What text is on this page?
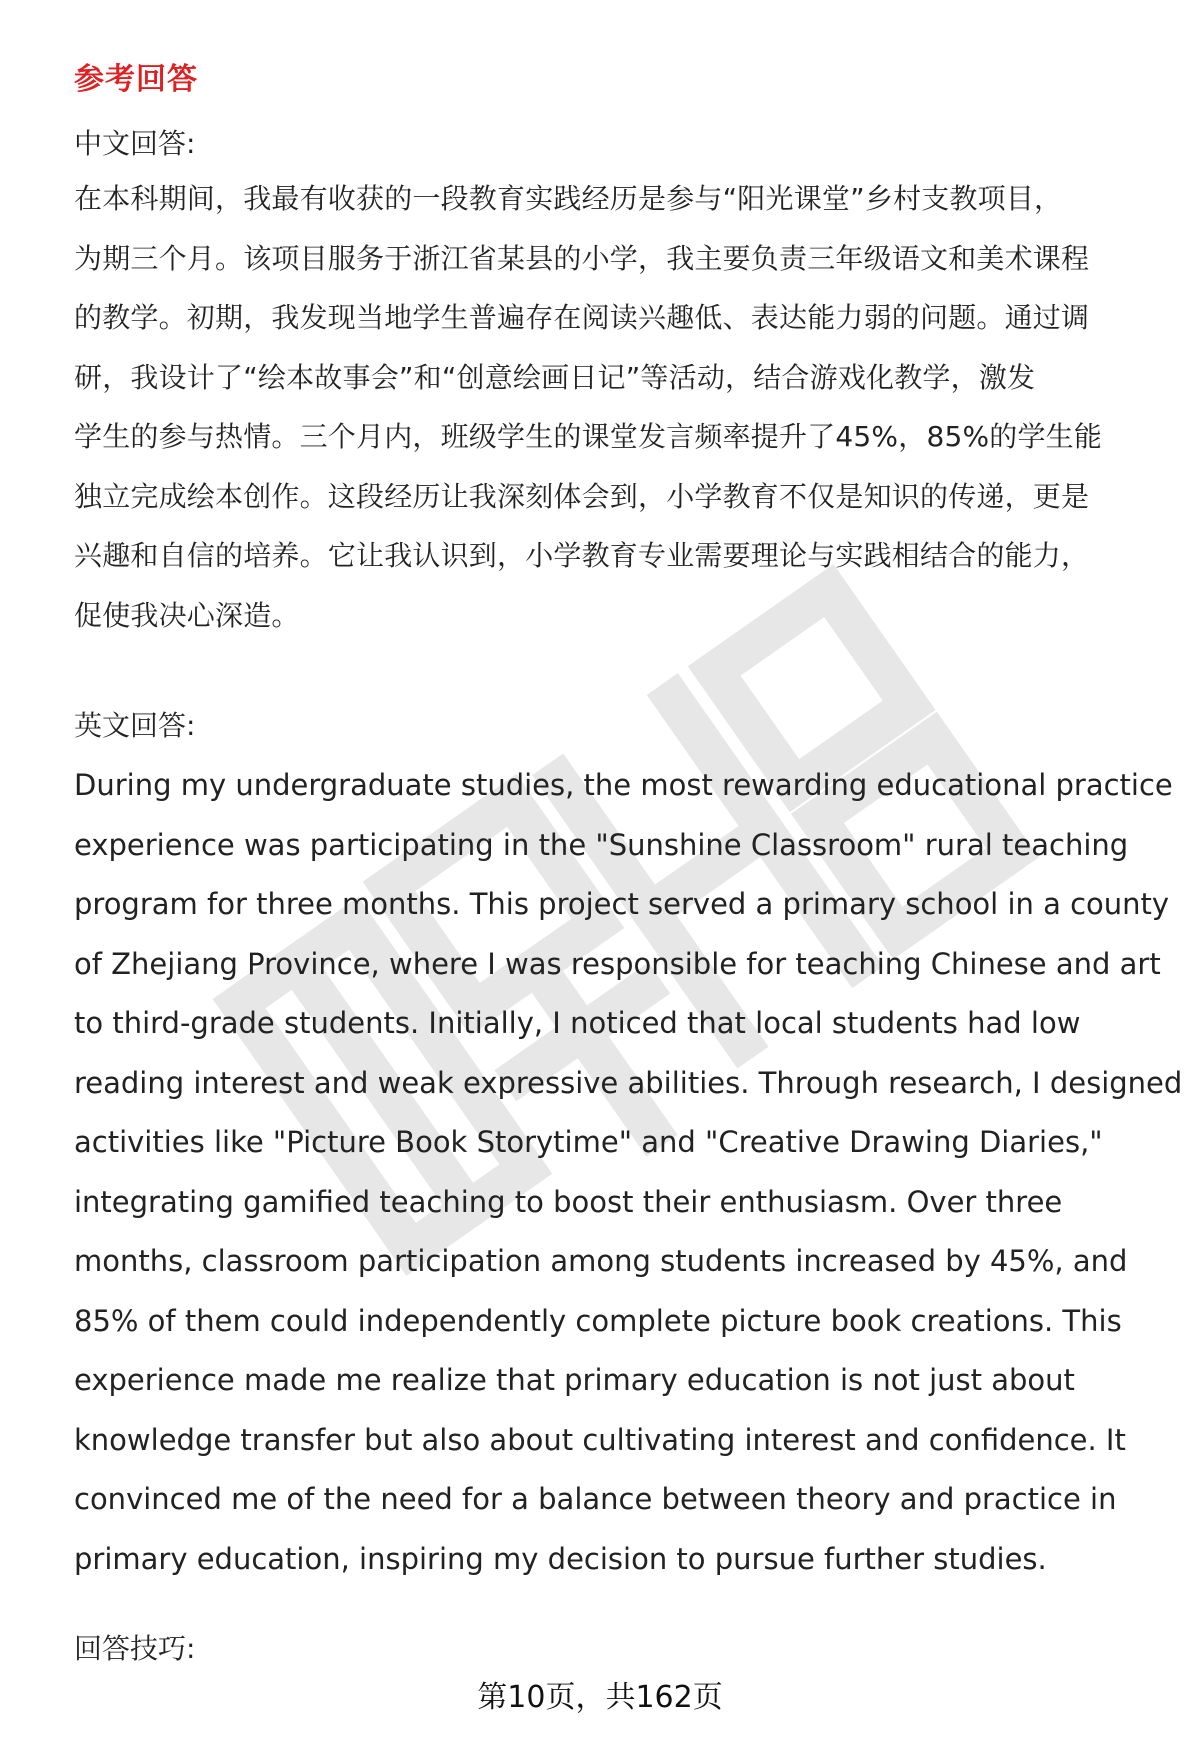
参考回答
中文回答:
在本科期间，我最有收获的一段教育实践经历是参与“阳光课堂”乡村支教项目，
为期三个月。该项目服务于浙江省某县的小学，我主要负责三年级语文和美术课程
的教学。初期，我发现当地学生普遍存在阅读兴趣低、表达能力弱的问题。通过调
研，我设计了“绘本故事会”和“创意绘画日记”等活动，结合游戏化教学，激发
学生的参与热情。三个月内，班级学生的课堂发言频率提升了45%，85%的学生能
独立完成绘本创作。这段经历让我深刻体会到，小学教育不仅是知识的传递，更是
兴趣和自信的培养。它让我认识到，小学教育专业需要理论与实践相结合的能力，
促使我决心深造。
英文回答:
During my undergraduate studies, the most rewarding educational practice
experience was participating in the "Sunshine Classroom" rural teaching
program for three months. This project served a primary school in a county
of Zhejiang Province, where I was responsible for teaching Chinese and art
to third-grade students. Initially, I noticed that local students had low
reading interest and weak expressive abilities. Through research, I designed
activities like "Picture Book Storytime" and "Creative Drawing Diaries,"
integrating gamified teaching to boost their enthusiasm. Over three
months, classroom participation among students increased by 45%, and
85% of them could independently complete picture book creations. This
experience made me realize that primary education is not just about
knowledge transfer but also about cultivating interest and confidence. It
convinced me of the need for a balance between theory and practice in
primary education, inspiring my decision to pursue further studies.
回答技巧:
第10页，共162页
